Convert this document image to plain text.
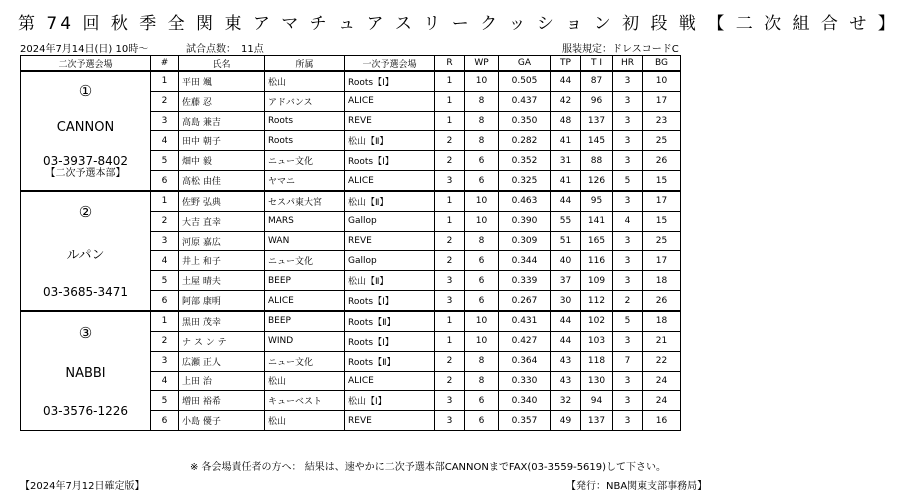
第 74 回 秋 季 全 関 東 ア マ チ ュ ア ス リ ー ク ッ シ ョ ン 初 段 戦 【 二 次 組 合 せ 】
2024年7月14日(日) 10時～	試合点数：　11点	服装規定：ドレスコードC
二次予選会場	#	氏名	所属	一次予選会場	R	WP	GA	TP	T I	HR	BG

①
CANNON
03-3937-8402
【二次予選本部】	1	平田 颯	松山	Roots【Ⅰ】	1	10	0.505	44	87	3	10
	2	佐藤 忍	アドバンス	ALICE	1	8	0.437	42	96	3	17
	3	高島 兼吉	Roots	REVE	1	8	0.350	48	137	3	23
	4	田中 朝子	Roots	松山【Ⅱ】	2	8	0.282	41	145	3	25
	5	畑中 毅	ニュー文化	Roots【Ⅰ】	2	6	0.352	31	88	3	26
	6	高松 由佳	ヤマニ	ALICE	3	6	0.325	41	126	5	15

②
ルパン
03-3685-3471	1	佐野 弘典	セスパ東大宮	松山【Ⅱ】	1	10	0.463	44	95	3	17
	2	大吉 直幸	MARS	Gallop	1	10	0.390	55	141	4	15
	3	河原 嘉広	WAN	REVE	2	8	0.309	51	165	3	25
	4	井上 和子	ニュー文化	Gallop	2	6	0.344	40	116	3	17
	5	土屋 晴夫	BEEP	松山【Ⅱ】	3	6	0.339	37	109	3	18
	6	阿部 康明	ALICE	Roots【Ⅰ】	3	6	0.267	30	112	2	26

③
NABBI
03-3576-1226	1	黒田 茂幸	BEEP	Roots【Ⅱ】	1	10	0.431	44	102	5	18
	2	ナ ス ン テ	WIND	Roots【Ⅰ】	1	10	0.427	44	103	3	21
	3	広瀬 正人	ニュー文化	Roots【Ⅱ】	2	8	0.364	43	118	7	22
	4	上田 治	松山	ALICE	2	8	0.330	43	130	3	24
	5	増田 裕希	キューベスト	松山【Ⅰ】	3	6	0.340	32	94	3	24
	6	小島 優子	松山	REVE	3	6	0.357	49	137	3	16
※ 各会場責任者の方へ： 結果は、速やかに二次予選本部CANNONまでFAX(03-3559-5619)して下さい。
【2024年7月12日確定版】	【発行：NBA関東支部事務局】
